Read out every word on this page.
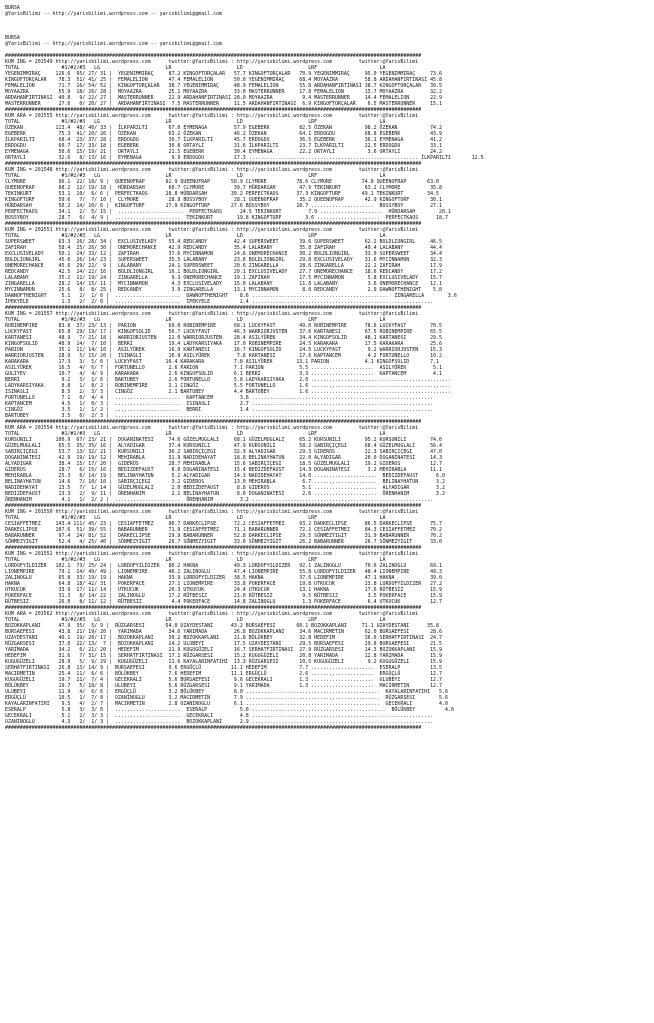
BURSA
@YarisBilimi -- http://yarisbilimi.wordpress.com -- yarisbilimi@gmail.com

BURSA
@YarisBilimi -- http://yarisbilimi.wordpress.com -- yarisbilimi@gmail.com

############################################################################################################################################
KUM ING = 201549 http://yarisbilimi.wordpress.com      twitter:@YarisBilimi : http://yarisbilimi.wordpress.com         twitter:@YarisBilimi
TOTAL              #1/#2/#3   LG                      LR                      LD                      LRF                     LA
YEGENIMMIRAÇ     126.6  95/ 27/ 31 |  YEGENIMMIRAÇ     87.2 KINGOFTORÇALAR   57.7 KINGOFTORÇALAR   70.9 YEGENIMMIRAÇ     95.0 YEGENIMMIRAÇ     73.6
KINGOFTORÇALAR    78.3  51/ 41/ 25 |  FEMALELION       47.4 FEMALELION       50.0 YEGENIMMIRAÇ     68.4 MOYAAZRA         58.8 ARDAHANFIRTINASI 45.8
FEMALELION        71.7  16/ 54/ 52 |  KINGOFTORÇALAR   38.7 YEGENIMMIRAÇ     48.9 FEMALELION       55.8 ARDAHANFIRTINASI 38.7 KINGOFTORÇALAR   39.5
MOYAAZRA          55.9  18/ 26/ 28 |  MOYAAZRA         25.1 MOYAAZRA         33.0 MASTERRUNNER     17.8 FEMALELION       15.7 MOYAAZRA         32.2
ARDAHANFIRTINASI  40.8   9/ 22/ 27 |  MASTERRUNNER     22.9 ARDAHANFIRTINASI 28.0 MOYAAZRA          9.4 MASTERRUNNER     14.4 FEMALELION       22.9
MASTERRUNNER      27.6   0/ 20/ 27 |  ARDAHANFIRTINASI  7.5 MASTERRUNNER     11.5 ARDAHANFIRTINASI  6.9 KINGOFTORÇALAR    6.5 MASTERRUNNER     15.1
############################################################################################################################################
KUM ARA = 201555 http://yarisbilimi.wordpress.com      twitter:@YarisBilimi : http://yarisbilimi.wordpress.com         twitter:@YarisBilimi
TOTAL              #1/#2/#3   LG                      LR                      LD                      LRF                     LA
ÖZEKAN           113.4  48/ 40/ 33 |  İLKPARILTI       67.0 EYMENAGA         57.9 EGEBERK          82.5 ÖZEKAN           98.2 ÖZEKAN           74.2
EGEBERK           75.3  41/ 20/ 26 |  ÖZEKAN           63.2 ÖZEKAN           46.2 ÖZEKAN           64.1 ERDOGDU          68.8 EGEBERK          43.9
İLKPARILTI        68.4  23/ 37/ 28 |  ERDOGDU          36.7 İLKPARILTI       45.7 ERDOGDU          36.5 EGEBERK          36.1 EYMENAGA         41.2
ERDOGDU           60.7  17/ 33/ 18 |  EGEBERK          30.8 ORTAYLI          31.6 İLKPARILTI       23.7 İLKPARILTI       22.5 ERDOGDU          33.1
EYMENAGA          50.6  15/ 19/ 21 |  ORTAYLI          21.5 EGEBERK          30.4 EYMENAGA         22.2 ORTAYLI           3.6 ORTAYLI          24.2
ORTAYLI           32.6   8/ 13/ 16 |  EYMENAGA          9.9 ERDOGDU          17.3 ......................................................... İLKPARILTI       12.5
############################################################################################################################################
KUM ING = 201548 http://yarisbilimi.wordpress.com      twitter:@YarisBilimi : http://yarisbilimi.wordpress.com         twitter:@YarisBilimi
TOTAL              #1/#2/#3   LG                      LR                      LD                      LRF                     LA
CLYMORE           96.1  22/ 18/ 9 |  QUEENOFRAP       92.9 QUEENOFRAP       50.9 CLYMORE          78.6 CLYMORE          74.0 QUEENOFRAP       63.0
QUEENOFRAP        88.2  12/ 19/ 18 |  HÜRDARSAH        60.7 CLYMORE          39.7 HÜRDARSAH        47.9 TEKINKURT        63.2 CLYMORE          35.8
TEKINKURT         53.1  10/  6/ 6 |  PERFECTKAOS      28.8 HÜRDARSAH        39.2 PERFECTKAOS      37.3 KINGOFTURF       49.1 TEKINKURT        34.5
KINGOFTURF        50.6   7/  7/ 10 |  CLYMORE          28.9 BOSSYBOY         28.1 QUEENOFRAP       35.2 QUEENOFRAP       42.9 KINGOFTURF       30.1
HÜRDARSAH         50.2  14/ 10/ 6 |  KINGOFTURF       17.9 KINGOFTURF       27.6 BOSSYBOY         18.7 .....................  BOSSYBOY         27.1
PERFECTKAOS       34.1   2/  5/ 15 |  ......................  PERFECTKAOS      24.5 TEKINKURT         7.9 .....................  HÜRDARSAH        20.1
BOSSYBOY          28.7   6/  4/ 9 |  ......................  TEKINKURT        19.8 KINGOFTURF        3.6 .....................  PERFECTKAOS      18.7
############################################################################################################################################
KUM ING = 201551 http://yarisbilimi.wordpress.com      twitter:@YarisBilimi : http://yarisbilimi.wordpress.com         twitter:@YarisBilimi
TOTAL              #1/#2/#3   LG                      LR                      LD                      LRF                     LA
SUPERSWEET        63.3  26/ 28/ 34 |  EXCLUSIVELADY    55.4 REDCANDY         42.4 SUPERSWEET       39.6 SUPERSWEET       62.2 BOLDLIONGIRL     46.5
ZAFIRAH           58.4  25/ 26/ 30 |  ONEMORECHANCE    42.9 REDCANDY         35.4 LALABANY         35.8 ZAFIRAH          49.4 LALABANY         44.4
EXCLUSIVELADY     50.1  24/ 33/ 12 |  ZAFIRAH          37.6 MYCINNAMON       24.6 ONEMORECHANCE    30.2 BOLDLIONGIRL     33.0 SUPERSWEET       34.4
BOLDLIONGIRL      45.6  26/ 14/ 23 |  SUPERSWEET       35.5 LALABANY         23.8 BOLDLIONGIRL     29.8 EXCLUSIVELADY    31.6 MYCINNAMON       32.3
ONEMORECHANCE     45.6  29/ 22/  9 |  LALABANY         24.1 SUPERSWEET       20.6 ZINGARELLA       28.6 ZINGARELLA       22.2 ZAFIRAH          17.9
REDCANDY          42.5  24/ 22/ 16 |  BOLDLIONGIRL     16.1 BOLDLIONGIRL     20.1 EXCLUSIVELADY    27.7 ONEMORECHANCE    18.6 REDCANDY         17.2
LALABANY          35.2  12/ 19/ 24 |  ZINGARELLA        9.3 ONEMORECHANCE    19.1 ZAFIRAH          17.5 MYCINNAMON        5.8 EXCLUSIVELADY    15.7
ZINGARELLA        28.2  14/ 15/ 11 |  MYCINNAMON        4.3 EXCLUSIVELADY    15.0 LALABANY         11.8 LALABANY          3.6 ONEMORECHANCE    12.1
MYCINNAMON        25.6   8/  8/ 25 |  REDCANDY          3.9 ZINGARELLA       13.1 MYCINNAMON        8.0 REDCANDY          2.9 DAWNOFTHENIGHT    5.0
DAWNOFTHENIGHT     5.1   2/  1/ 6 |  ......................  DAWNOFTHENIGHT    8.6 ..............................................  ZINGARELLA        3.6
İPEKYELE           1.3   2/  2/ 0 |  ......................  İPEKYELE          2.4 .............................................................
############################################################################################################################################
KUM ING = 201557 http://yarisbilimi.wordpress.com      twitter:@YarisBilimi : http://yarisbilimi.wordpress.com         twitter:@YarisBilimi
TOTAL              #1/#2/#3   LG                      LR                      LD                      LRF                     LA
ROBINEMPIRE       83.8  37/ 23/ 13 |  PARION           69.0 ROBINEMPIRE      68.1 LUCKYFAST        49.0 ROBINEMPIRE      78.6 LUCKYFAST        70.5
LUCKYFAST         65.8  29/ 19/ 17 |  KINGOFSOLID      56.7 LUCKYFAST        46.3 WARRIORJUSTEN    37.6 KARTANESI        67.5 ROBINEMPIRE      65.5
KARTANESI         48.9   7/ 21/ 18 |  WARRIORJUSTEN    22.0 WARRIORJUSTEN    28.4 ASILYÜREK        34.4 KINGOFSOLID      48.1 KARTANESI        29.5
KINGOFSOLID       48.9  24/  7/ 10 |  BERRI            19.4 LADYKARSIYAKA    17.0 ROBINEMPIRE      24.5 KARAKARA         17.5 KARAKARA         25.6
PARION            35.1  11/ 14/ 10 |  ASILYÜREK        16.9 KARTANESI        16.7 KINGOFSOLID      24.5 LUCKYFAST         9.2 WARRIORJUSTEN    15.3
WARRIORJUSTEN     28.9   5/ 15/ 20 |  ISINASLI         16.9 ASILYÜREK         7.8 KARTANESI        17.6 KAPTANCEM         4.2 FORTUNELLO       10.2
KARAKARA          17.3   3/  5/ 6 |  LUCKYFAST        16.4 KARAKARA          7.8 ASILYÜREK        13.1 PARION            4.1 KINGOFSOLID       7.1
ASILYÜREK         16.5   4/  6/ 7 |  FORTUNELLO        2.6 PARION            7.1 PARION            5.5 .....................  ASILYÜREK         5.1
GULIYEV           10.7   4/  4/ 9 |  KARAKARA          2.6 KINGOFSOLID       6.1 BERRI             3.3 .....................  KAPTANCEM         4.1
BERRI              9.2   3/  1/ 6 |  BARTUBEY          2.6 FORTUNELLO        5.8 LADYKARSIYAKA     2.0 ...............................................
LADYKARSIYAKA      8.8   1/  8/ 2 |  ROBINEMPIRE       2.1 CINGÖZ            5.5 FORTUNELLO        1.6 ...............................................
ISINASLI           8.5   2/  3/ 3 |  CINGÖZ            2.1 BARTUBEY          4.4 BARTUBEY          1.6 ...............................................
FORTUNELLO         7.1   0/  4/ 4 |  ......................  KAPTANCEM         3.8 .............................................................
KAPTANCEM          4.5   1/  0/ 3 |  ......................  ISINASLI          2.7 .............................................................
CINGÖZ             3.5   1/  1/ 2 |  ......................  BERRI             1.4 .............................................................
BARTUBEY           3.5   0/  2/ 3 |  ...................................................................................................
############################################################################################################################################
KUM ARA = 201554 http://yarisbilimi.wordpress.com      twitter:@YarisBilimi : http://yarisbilimi.wordpress.com         twitter:@YarisBilimi
TOTAL              #1/#2/#3   LG                      LR                      LD                      LRF                     LA
KURSUNILI        100.9  67/ 23/ 21 |  DOGANINATESI     74.6 GÜZELMUGLALI     68.1 GÜZELMUGLALI     65.2 KURSUNILI        95.2 KURSUNILI        74.0
GÜZELMUGLALI      65.5  35/ 35/ 16 |  ALYADIGAR        37.4 KURSUNILI        47.9 KURSUNILI        58.2 SABIRÇIÇEGI      68.4 GÜZELMUGLALI     56.4
SABIRÇIÇEGI       53.7  13/ 32/ 21 |  KURSUNILI        36.2 SABIRÇIÇEGI      32.9 ALYADIGAR        29.3 GIDEROS          22.3 SABIRÇIÇEGI      47.0
DOGANINATESI      42.9  19/ 19/ 12 |  MEHIRABLA        31.9 NADIDEHAYAT      18.8 BELINAYHATUN     22.0 ALYADIGAR        20.0 DOGANINATESI     14.3
ALYADIGAR         38.4  15/ 17/ 20 |  GIDEROS          28.7 MEHIRABLA        15.6 SABIRÇIÇEGI      18.5 GÜZELMUGLALI     19.2 GIDEROS          12.7
GIDEROS           28.7   6/ 15/ 16 |  BEDIZDEFAUST      8.0 DOGANINATESI     15.4 BEDIZDEFAUST     14.3 DOGANINATESI      3.2 MEHIRABLA        11.1
MEHIRABLA         25.3   6/ 14/ 19 |  BELINAYHATUN      5.2 ALYADIGAR        14.3 NADIDEHAYAT      14.0 .....................  BEDIZDEFAUST      6.0
BELINAYHATUN      14.6   7/ 10/ 10 |  SABIRÇIÇEGI       3.2 GIDEROS          13.0 MEHIRABLA         6.7 .....................  BELINAYHATUN      3.2
NADIDEHAYAT       13.5   7/  1/ 14 |  GÜZELMUGLALI      2.0 BEDIZDEFAUST      8.8 GIDEROS           5.1 .....................  ALYADIGAR         3.2
BEDIZDEFAUST      13.3   2/  9/ 11 |  ÖRENHANIM         2.1 BELINAYHATUN      8.0 DOGANINATESI      2.6 .....................  ÖRENHANIM         3.2
ÖRENHANIM          4.1   1/  2/ 2 |  ......................  ÖRENHANIM         3.2 .............................................................
############################################################################################################################################
KUM ING = 201550 http://yarisbilimi.wordpress.com      twitter:@YarisBilimi : http://yarisbilimi.wordpress.com         twitter:@YarisBilimi
TOTAL              #1/#2/#3   LG                      LR                      LD                      LRF                     LA
CESIAFFETMEZ     143.4 111/ 45/ 23 |  CESIAFFETMEZ     90.7 DARKECLIPSE      72.2 CESIAFFETMEZ     93.2 DARKECLIPSE      86.5 DARKECLIPSE      75.7
DARKECLIPSE      107.6  51/ 39/ 55 |  BABARUNNER       71.9 CESIAFFETMEZ     71.1 BABARUNNER       72.1 CESIAFFETMEZ     84.3 CESIAFFETMEZ     70.2
BABARUNNER        97.4  24/ 81/ 52 |  DARKECLIPSE      29.9 BABARUNNER       52.8 DARKECLIPSE      29.5 SÖNMEZYIGIT      31.9 BABARUNNER       70.2
SÖNMEZYIGIT       52.4   4/ 25/ 40 |  SÖNMEZYIGIT      26.7 SÖNMEZYIGIT      33.0 SÖNMEZYIGIT      26.2 BABARUNNER       26.7 SÖNMEZYIGIT      33.0
############################################################################################################################################
KUM ING = 201552 http://yarisbilimi.wordpress.com      twitter:@YarisBilimi : http://yarisbilimi.wordpress.com         twitter:@YarisBilimi
TOTAL              #1/#2/#3   LG                      LR                      LD                      LRF                     LA
LORDOFYILDIZER   102.1  73/ 25/ 24 |  LORDOFYILDIZER   80.2 HAKNA            49.3 LORDOFYILDIZER   92.1 ZALINOGLU        70.6 ZALINOGLU        69.1
LIONEMPIRE        79.1  14/ 49/ 49 |  LIONEMPIRE       46.1 ZALINOGLU        47.4 LIONEMPIRE       55.8 LORDOFYILDIZER   48.4 LIONEMPIRE       49.3
ZALINOGLU         65.8  33/ 19/ 19 |  HAKNA            33.9 LORDOFYILDIZER   38.5 HAKNA            37.6 LIONEMPIRE       47.1 HAKNA            39.0
HAKNA             64.8  18/ 42/ 31 |  POKERFACE        27.1 LIONEMPIRE       33.8 POKERFACE        19.8 UTKUCUK          23.8 LORDOFYILDIZER   27.2
UTKUCUK           33.9  17/ 11/ 14 |  UTKUCUK          20.3 UTKUCUK          24.4 UTKUCUK          13.1 HAKNA            17.6 RÜTBESIZ         15.9
POKERFACE         31.3   8/ 14/ 22 |  ZALINOGLU        17.2 RÜTBESIZ         21.0 RÜTBESIZ          9.5 RÜTBESIZ          3.5 POKERFACE        15.9
RÜTBESIZ          26.0   8/ 11/ 12 |  RÜTBESIZ          4.4 POKERFACE        14.8 ZALINOGLU         1.3 POKERFACE         6.4 UTKUCUK          12.7
############################################################################################################################################
KUM ARA = 201562 http://yarisbilimi.wordpress.com      twitter:@YarisBilimi : http://yarisbilimi.wordpress.com         twitter:@YarisBilimi
TOTAL              #1/#2/#3   LG                      LR                      LD                      LRF                     LA
BOZOKKAPLANI      47.9  35/  5/ 9 |  RÜZGARSESI       54.0 UZAYDESTANI      43.2 BURSAEFESI       60.1 BOZOKKAPLANI     71.1 UZAYDESTANI      35.8
BURSAEFESI        43.8  21/ 19/ 20 |  YARIMADA         34.6 YARIMADA         26.8 BOZOKKAPLANI     34.6 MACIRMETIN       62.0 BURSAEFESI       28.6
UZAYDESTANI       40.1  19/ 20/ 17 |  BOZOKKAPLANI     30.2 BOZOKKAPLANI     21.8 BÖLÜKBEY         32.8 HEDEFIM          36.6 SERHATFIRTINASI  24.7
RÜZGARSESI        37.0  22/ 13/  7 |  BOZOKKAPLANI     24.2 ULUBEYI          17.5 UZAYDESTANI      29.5 BURSAEFESI       29.8 BURSAEFESI       21.5
YARIMADA          34.2   6/ 21/ 20 |  HEDEFIM          21.9 KUGUGÜZELI       16.7 SERHATFIRTINASI  27.9 RÜZGARSESI       14.3 BOZOKKAPLANI     15.9
HEDEFIM           31.6   7/ 31/ 15 |  SERHATFIRTINASI  17.1 RÜZGARSESI       15.2 KUGUGÜZELI       20.8 YARIMADA         12.8 YARIMADA         15.9
KUGUGÜZELI        28.0   5/  9/ 29 |  KUGUGÜZELI       11.6 KAYALARINFATIHI  13.3 RÜZGARSESI       10.5 KUGUGÜZELI        9.2 KUGUGÜZELI       15.9
SERHATFIRTINASI   26.8  13/ 14/ 9 |  BURSAEFESI        9.6 ERGÜÇLÜ          11.1 HEDEFIM           7.7 .....................  ESERALP          13.5
MACIRMETIN        25.4  11/  6/ 6 |  BÖLÜKBEY          7.6 HEDEFIM          11.1 ERGÜÇLÜ           2.6 .....................  ERGÜÇLÜ          12.7
KUGUGÜZELI        19.7  11/  7/ 4 |  GECEKRALI         5.6 BURSAEFESI        9.6 GECEKRALI         1.3 .....................  ULUBEYI          12.7
BÖLÜKBEY          19.7   5/ 18/ 8 |  ULUBEYI           5.6 RÜZGARSESI        9.1 YARIMADA          1.3 .....................  MACIRMETIN       12.7
ULUBEYI           11.9   4/  6/ 6 |  ERGÜÇLÜ           3.2 BÖLÜKBEY          8.0 .............................................  KAYALARINFATIHI   5.6
ERGÜÇLÜ           10.5   1/  7/ 8 |  OZANINOGLU        3.2 MACIRMETIN        7.9 .............................................  RÜZGARSESI        5.6
KAYALARINFATIHI    9.5   4/  2/ 7 |  MACIRMETIN        2.8 OZANINOGLU        6.1 .............................................  GECEKRALI         4.0
ESERALP            5.8   3/  3/ 0 |  ......................  ESERALP           5.0 .............................................  BÖLÜKBEY          4.0
GECEKRALI          5.1   2/  3/ 3 |  ......................  GECEKRALI         4.8 .............................................................
OZANINOGLU         4.3   2/  1/ 3 |  ......................  BOZOKKAPLANI      2.9 .............................................................
############################################################################################################################################
